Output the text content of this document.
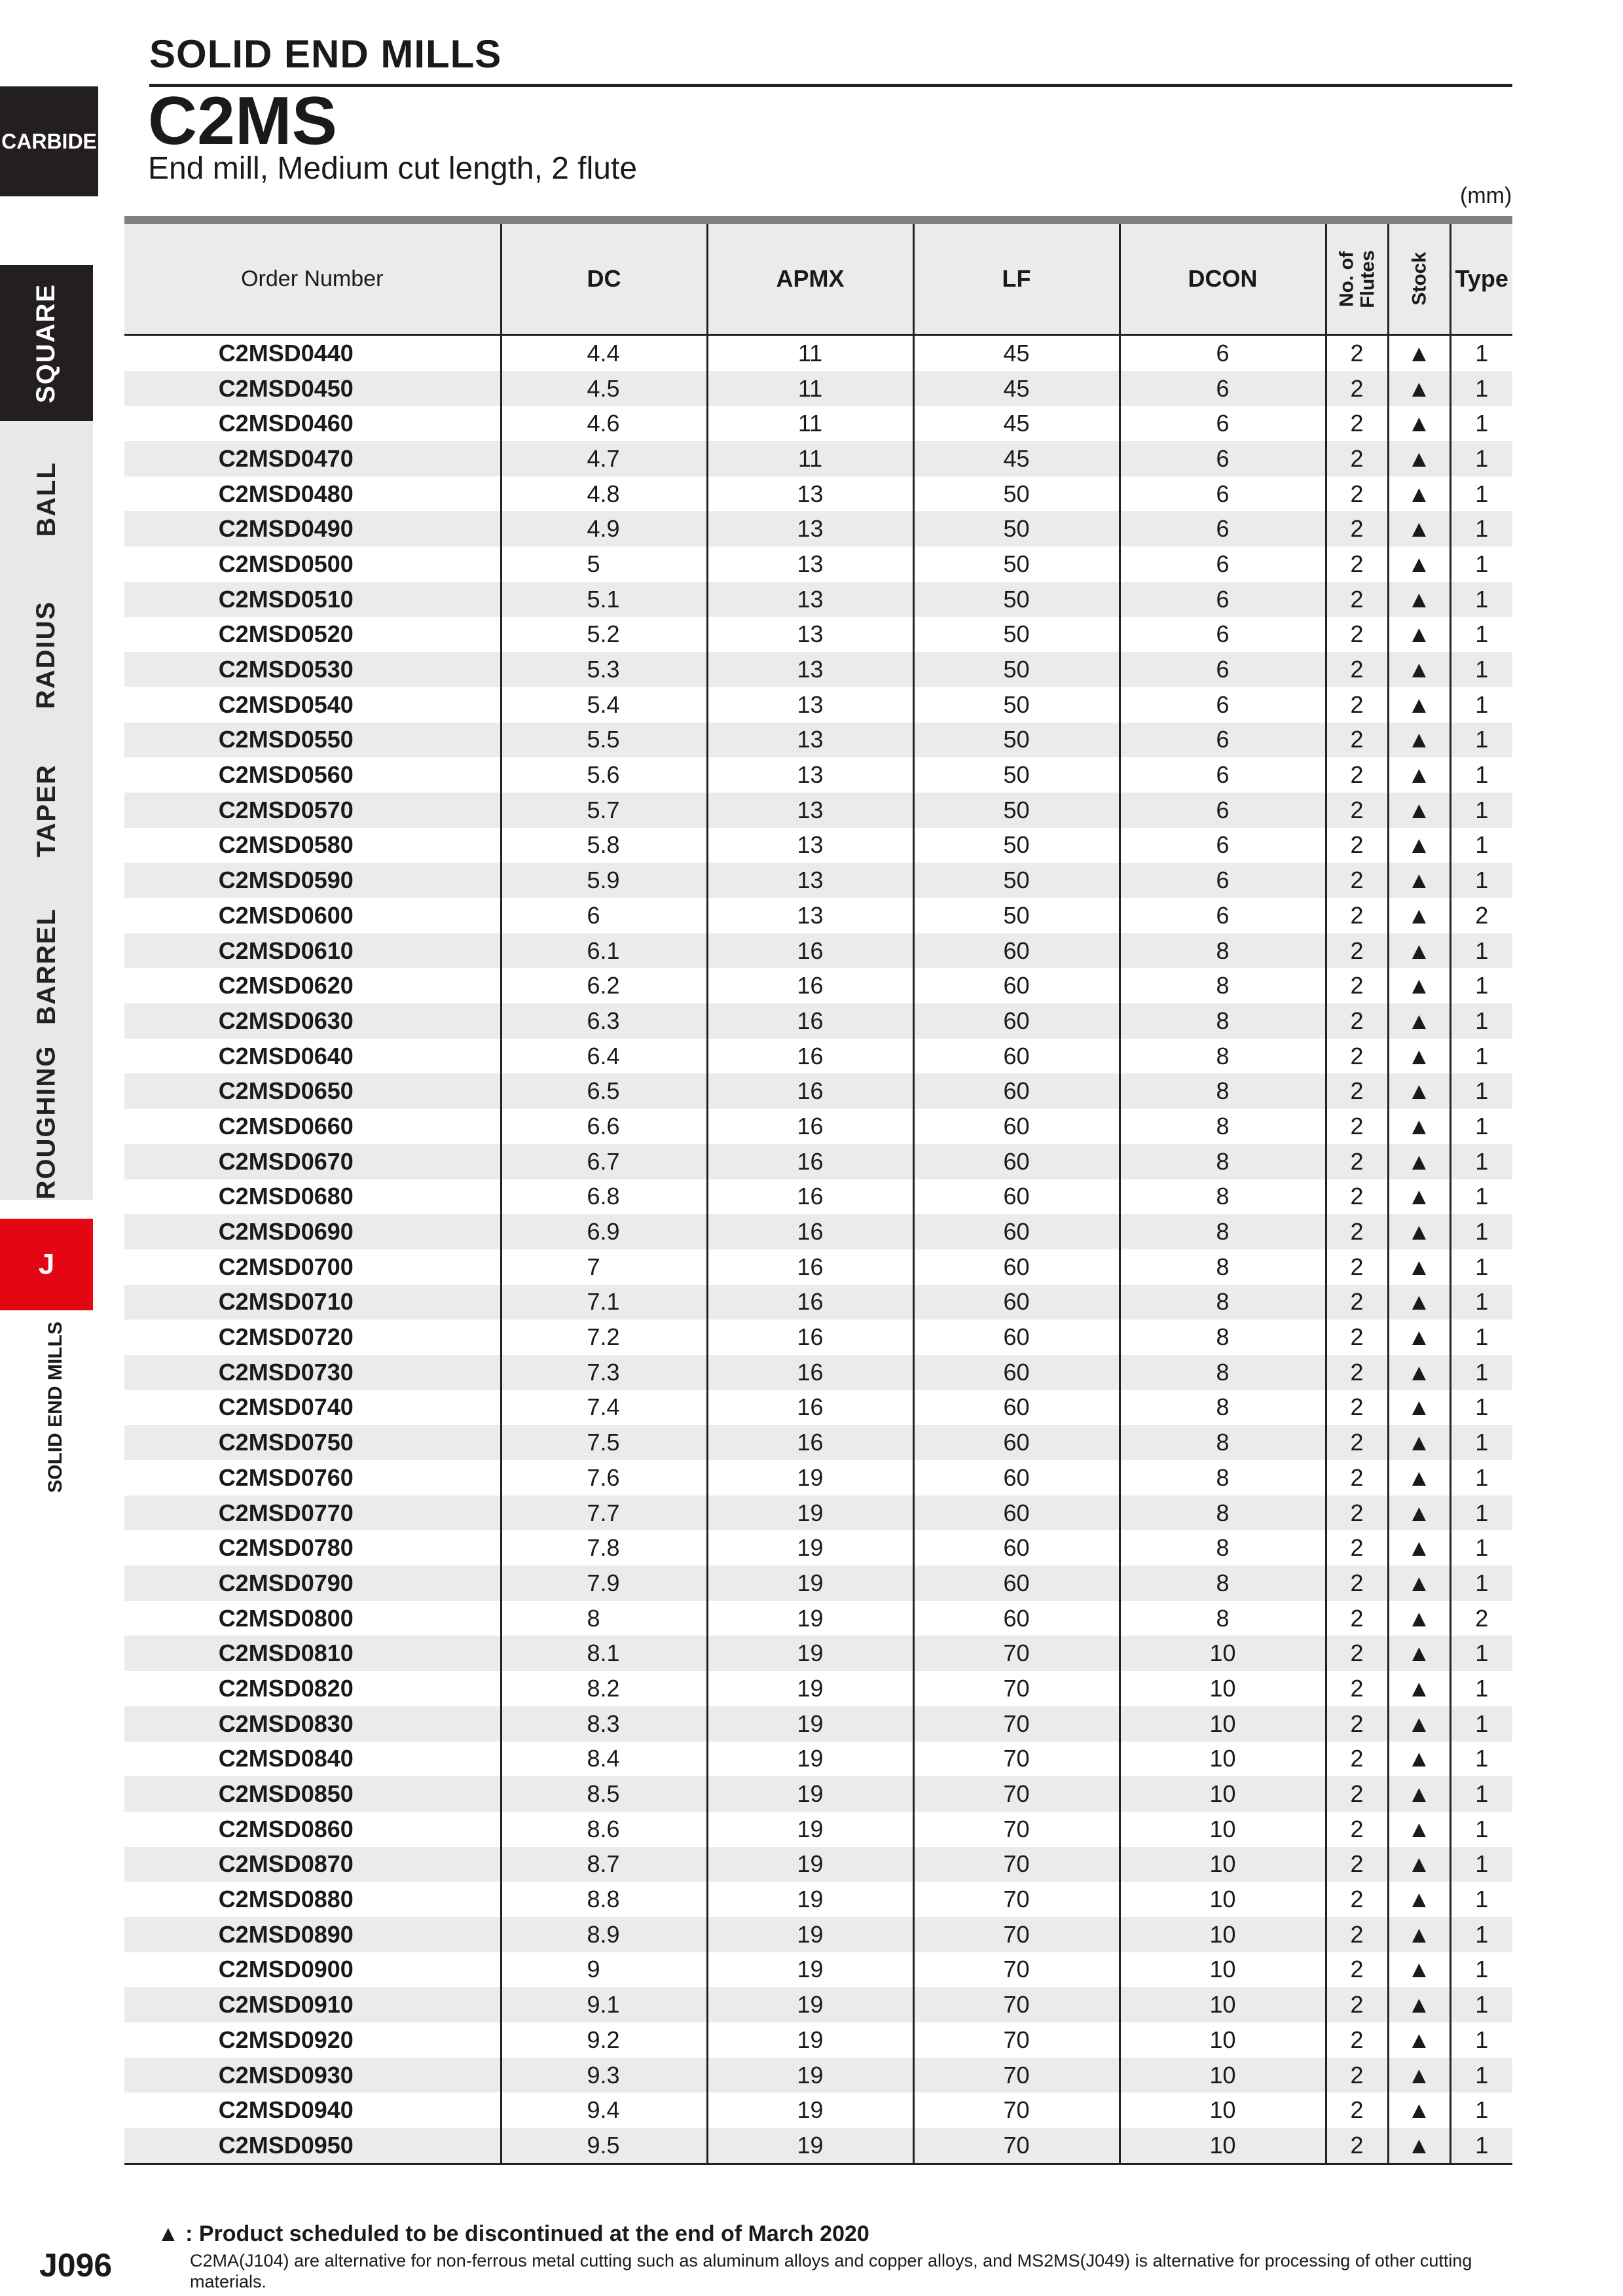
SOLID END MILLS
C2MS
End mill, Medium cut length, 2 flute
(mm)
CARBIDE
SQUARE
BALL
RADIUS
TAPER
BARREL
ROUGHING
J
SOLID END MILLS
Order Number	DC	APMX	LF	DCON	No. of
Flutes	Stock	Type
C2MSD0440	4.4	11	45	6	2	▲	1
C2MSD0450	4.5	11	45	6	2	▲	1
C2MSD0460	4.6	11	45	6	2	▲	1
C2MSD0470	4.7	11	45	6	2	▲	1
C2MSD0480	4.8	13	50	6	2	▲	1
C2MSD0490	4.9	13	50	6	2	▲	1
C2MSD0500	5	13	50	6	2	▲	1
C2MSD0510	5.1	13	50	6	2	▲	1
C2MSD0520	5.2	13	50	6	2	▲	1
C2MSD0530	5.3	13	50	6	2	▲	1
C2MSD0540	5.4	13	50	6	2	▲	1
C2MSD0550	5.5	13	50	6	2	▲	1
C2MSD0560	5.6	13	50	6	2	▲	1
C2MSD0570	5.7	13	50	6	2	▲	1
C2MSD0580	5.8	13	50	6	2	▲	1
C2MSD0590	5.9	13	50	6	2	▲	1
C2MSD0600	6	13	50	6	2	▲	2
C2MSD0610	6.1	16	60	8	2	▲	1
C2MSD0620	6.2	16	60	8	2	▲	1
C2MSD0630	6.3	16	60	8	2	▲	1
C2MSD0640	6.4	16	60	8	2	▲	1
C2MSD0650	6.5	16	60	8	2	▲	1
C2MSD0660	6.6	16	60	8	2	▲	1
C2MSD0670	6.7	16	60	8	2	▲	1
C2MSD0680	6.8	16	60	8	2	▲	1
C2MSD0690	6.9	16	60	8	2	▲	1
C2MSD0700	7	16	60	8	2	▲	1
C2MSD0710	7.1	16	60	8	2	▲	1
C2MSD0720	7.2	16	60	8	2	▲	1
C2MSD0730	7.3	16	60	8	2	▲	1
C2MSD0740	7.4	16	60	8	2	▲	1
C2MSD0750	7.5	16	60	8	2	▲	1
C2MSD0760	7.6	19	60	8	2	▲	1
C2MSD0770	7.7	19	60	8	2	▲	1
C2MSD0780	7.8	19	60	8	2	▲	1
C2MSD0790	7.9	19	60	8	2	▲	1
C2MSD0800	8	19	60	8	2	▲	2
C2MSD0810	8.1	19	70	10	2	▲	1
C2MSD0820	8.2	19	70	10	2	▲	1
C2MSD0830	8.3	19	70	10	2	▲	1
C2MSD0840	8.4	19	70	10	2	▲	1
C2MSD0850	8.5	19	70	10	2	▲	1
C2MSD0860	8.6	19	70	10	2	▲	1
C2MSD0870	8.7	19	70	10	2	▲	1
C2MSD0880	8.8	19	70	10	2	▲	1
C2MSD0890	8.9	19	70	10	2	▲	1
C2MSD0900	9	19	70	10	2	▲	1
C2MSD0910	9.1	19	70	10	2	▲	1
C2MSD0920	9.2	19	70	10	2	▲	1
C2MSD0930	9.3	19	70	10	2	▲	1
C2MSD0940	9.4	19	70	10	2	▲	1
C2MSD0950	9.5	19	70	10	2	▲	1
▲ : Product scheduled to be discontinued at the end of March 2020
C2MA(J104) are alternative for non-ferrous metal cutting such as aluminum alloys and copper alloys, and MS2MS(J049) is alternative for processing of other cutting materials.
J096
